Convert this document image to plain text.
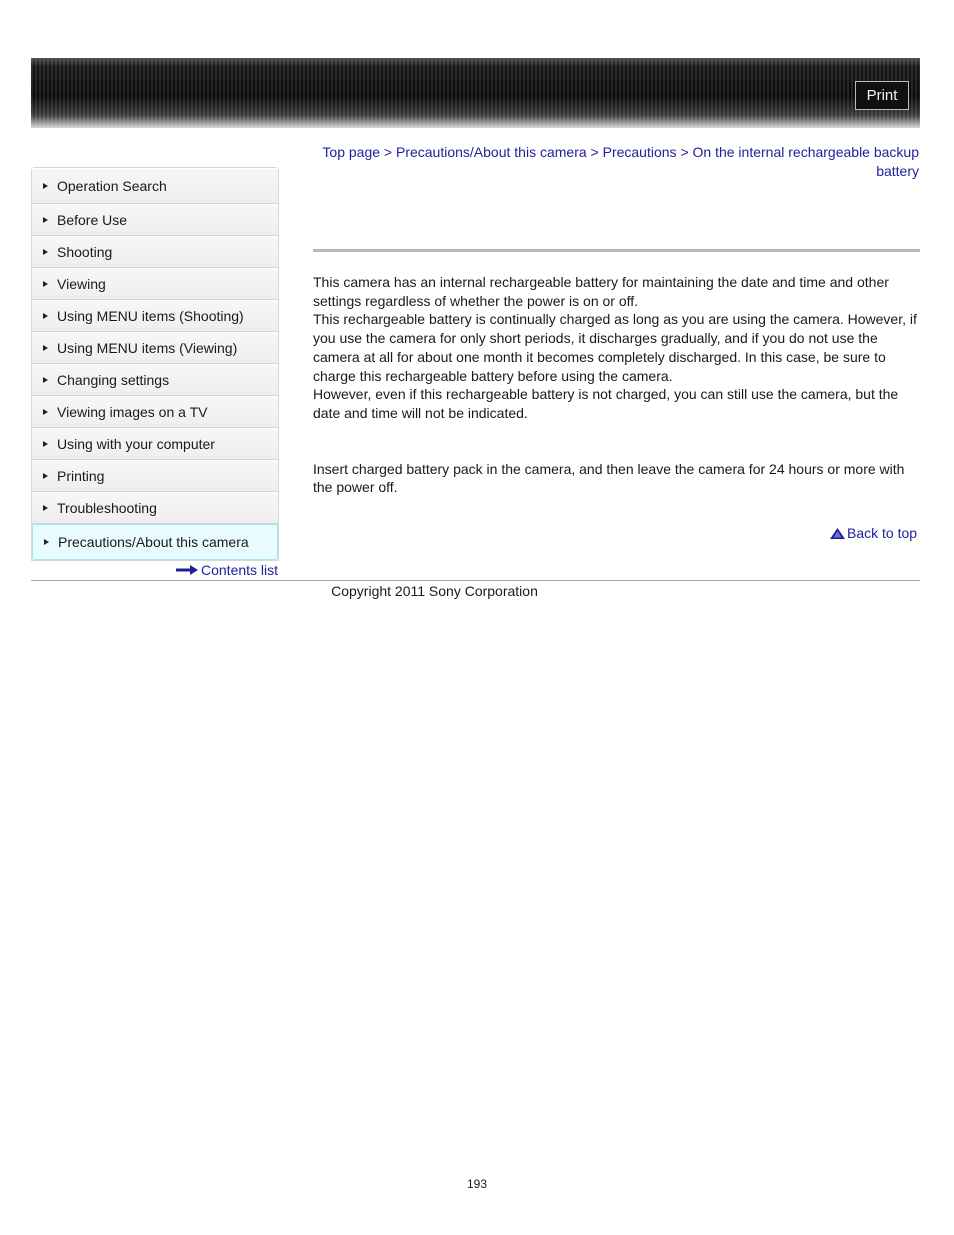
Print
Top page > Precautions/About this camera > Precautions > On the internal rechargeable backup battery
Operation Search
Before Use
Shooting
Viewing
Using MENU items (Shooting)
Using MENU items (Viewing)
Changing settings
Viewing images on a TV
Using with your computer
Printing
Troubleshooting
Precautions/About this camera
Contents list

This camera has an internal rechargeable battery for maintaining the date and time and other settings regardless of whether the power is on or off.

This rechargeable battery is continually charged as long as you are using the camera. However, if you use the camera for only short periods, it discharges gradually, and if you do not use the camera at all for about one month it becomes completely discharged. In this case, be sure to charge this rechargeable battery before using the camera.

However, even if this rechargeable battery is not charged, you can still use the camera, but the date and time will not be indicated.

Insert charged battery pack in the camera, and then leave the camera for 24 hours or more with the power off.

Back to top
Copyright 2011 Sony Corporation
193
